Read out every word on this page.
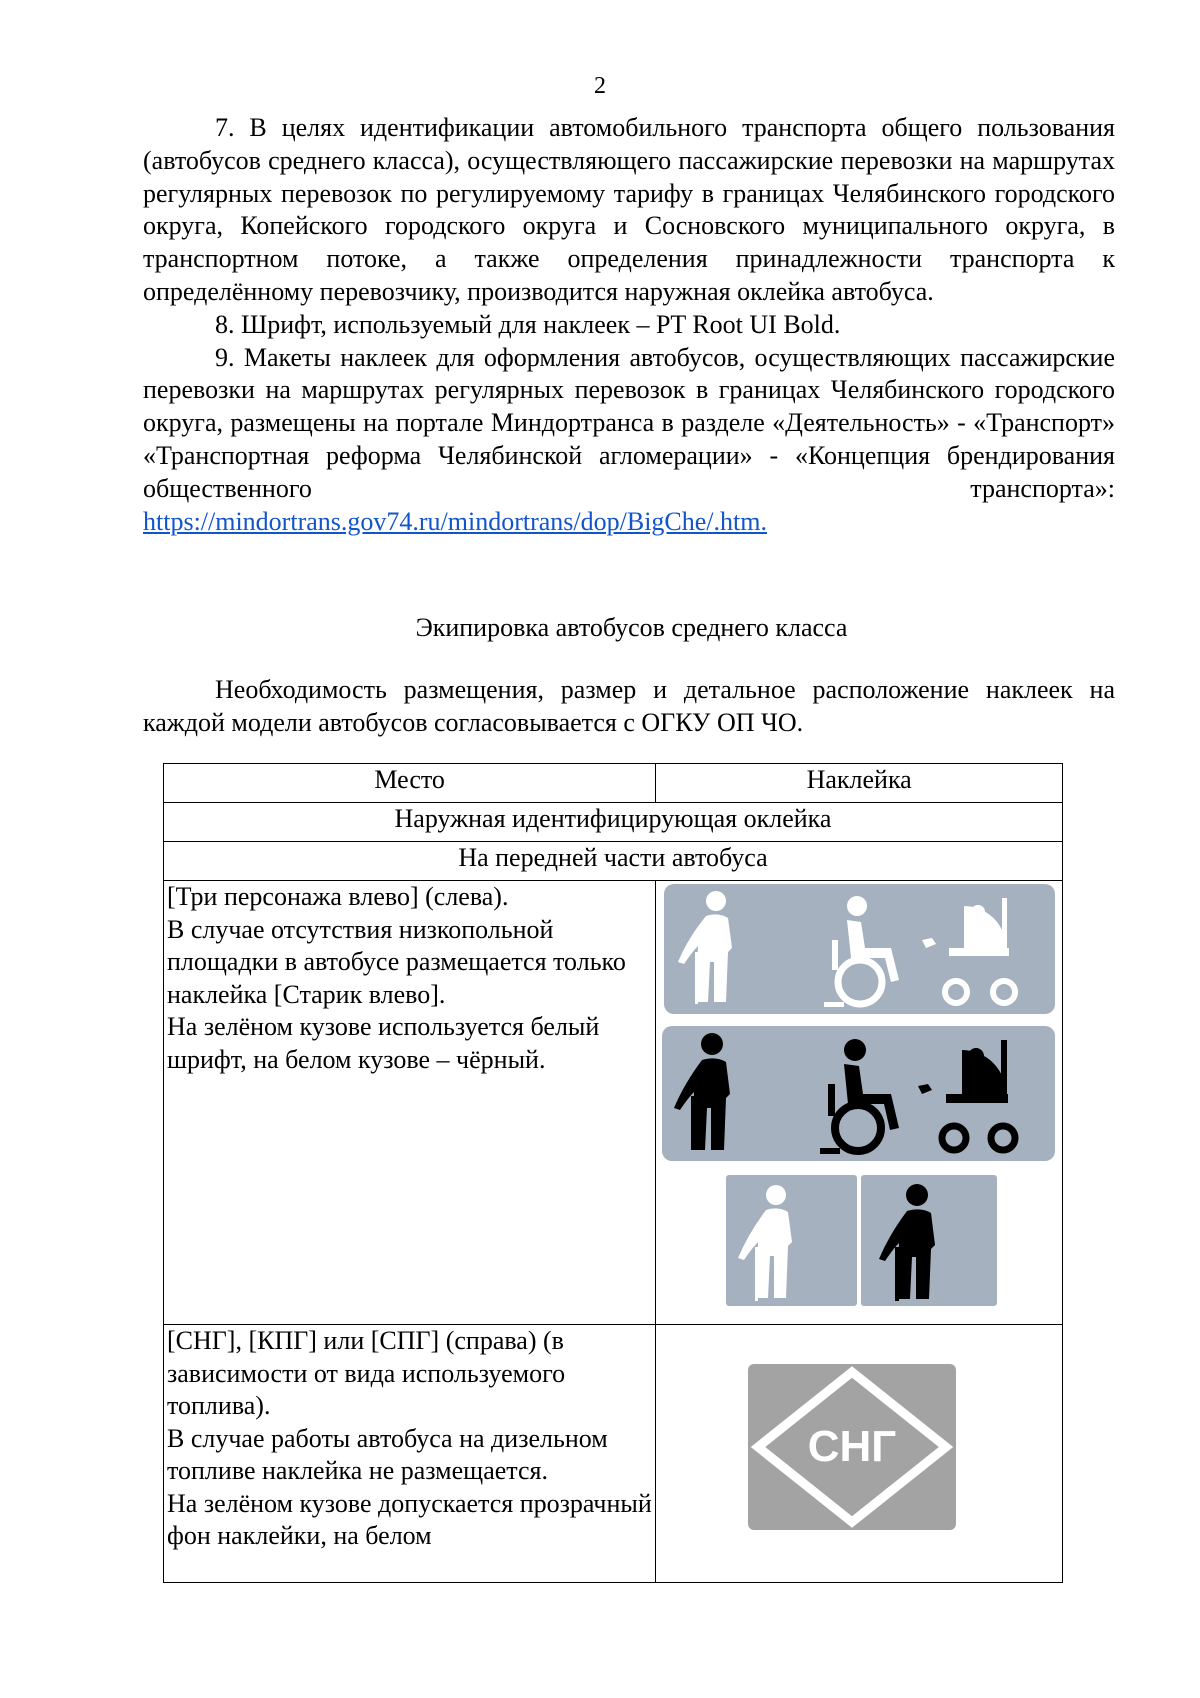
2

7. В целях идентификации автомобильного транспорта общего пользования (автобусов среднего класса), осуществляющего пассажирские перевозки на маршрутах регулярных перевозок по регулируемому тарифу в границах Челябинского городского округа, Копейского городского округа и Сосновского муниципального округа, в транспортном потоке, а также определения принадлежности транспорта к определённому перевозчику, производится наружная оклейка автобуса.

8. Шрифт, используемый для наклеек – PT Root UI Bold.

9. Макеты наклеек для оформления автобусов, осуществляющих пассажирские перевозки на маршрутах регулярных перевозок в границах Челябинского городского округа, размещены на портале Миндортранса в разделе «Деятельность» - «Транспорт» «Транспортная реформа Челябинской агломерации» - «Концепция брендирования общественного транспорта»:

https://mindortrans.gov74.ru/mindortrans/dop/BigChe/.htm.
Экипировка автобусов среднего класса

Необходимость размещения, размер и детальное расположение наклеек на каждой модели автобусов согласовывается с ОГКУ ОП ЧО.

Место	Наклейка
Наружная идентифицирующая оклейка	
На передней части автобуса	

[Три персонажа влево] (слева).
В случае отсутствия низкопольной площадки в автобусе размещается только наклейка [Старик влево].
На зелёном кузове используется белый шрифт, на белом кузове – чёрный.

[СНГ], [КПГ] или [СПГ] (справа) (в зависимости от вида используемого топлива).
В случае работы автобуса на дизельном топливе наклейка не размещается.
На зелёном кузове допускается прозрачный фон наклейки, на белом	СНГ
